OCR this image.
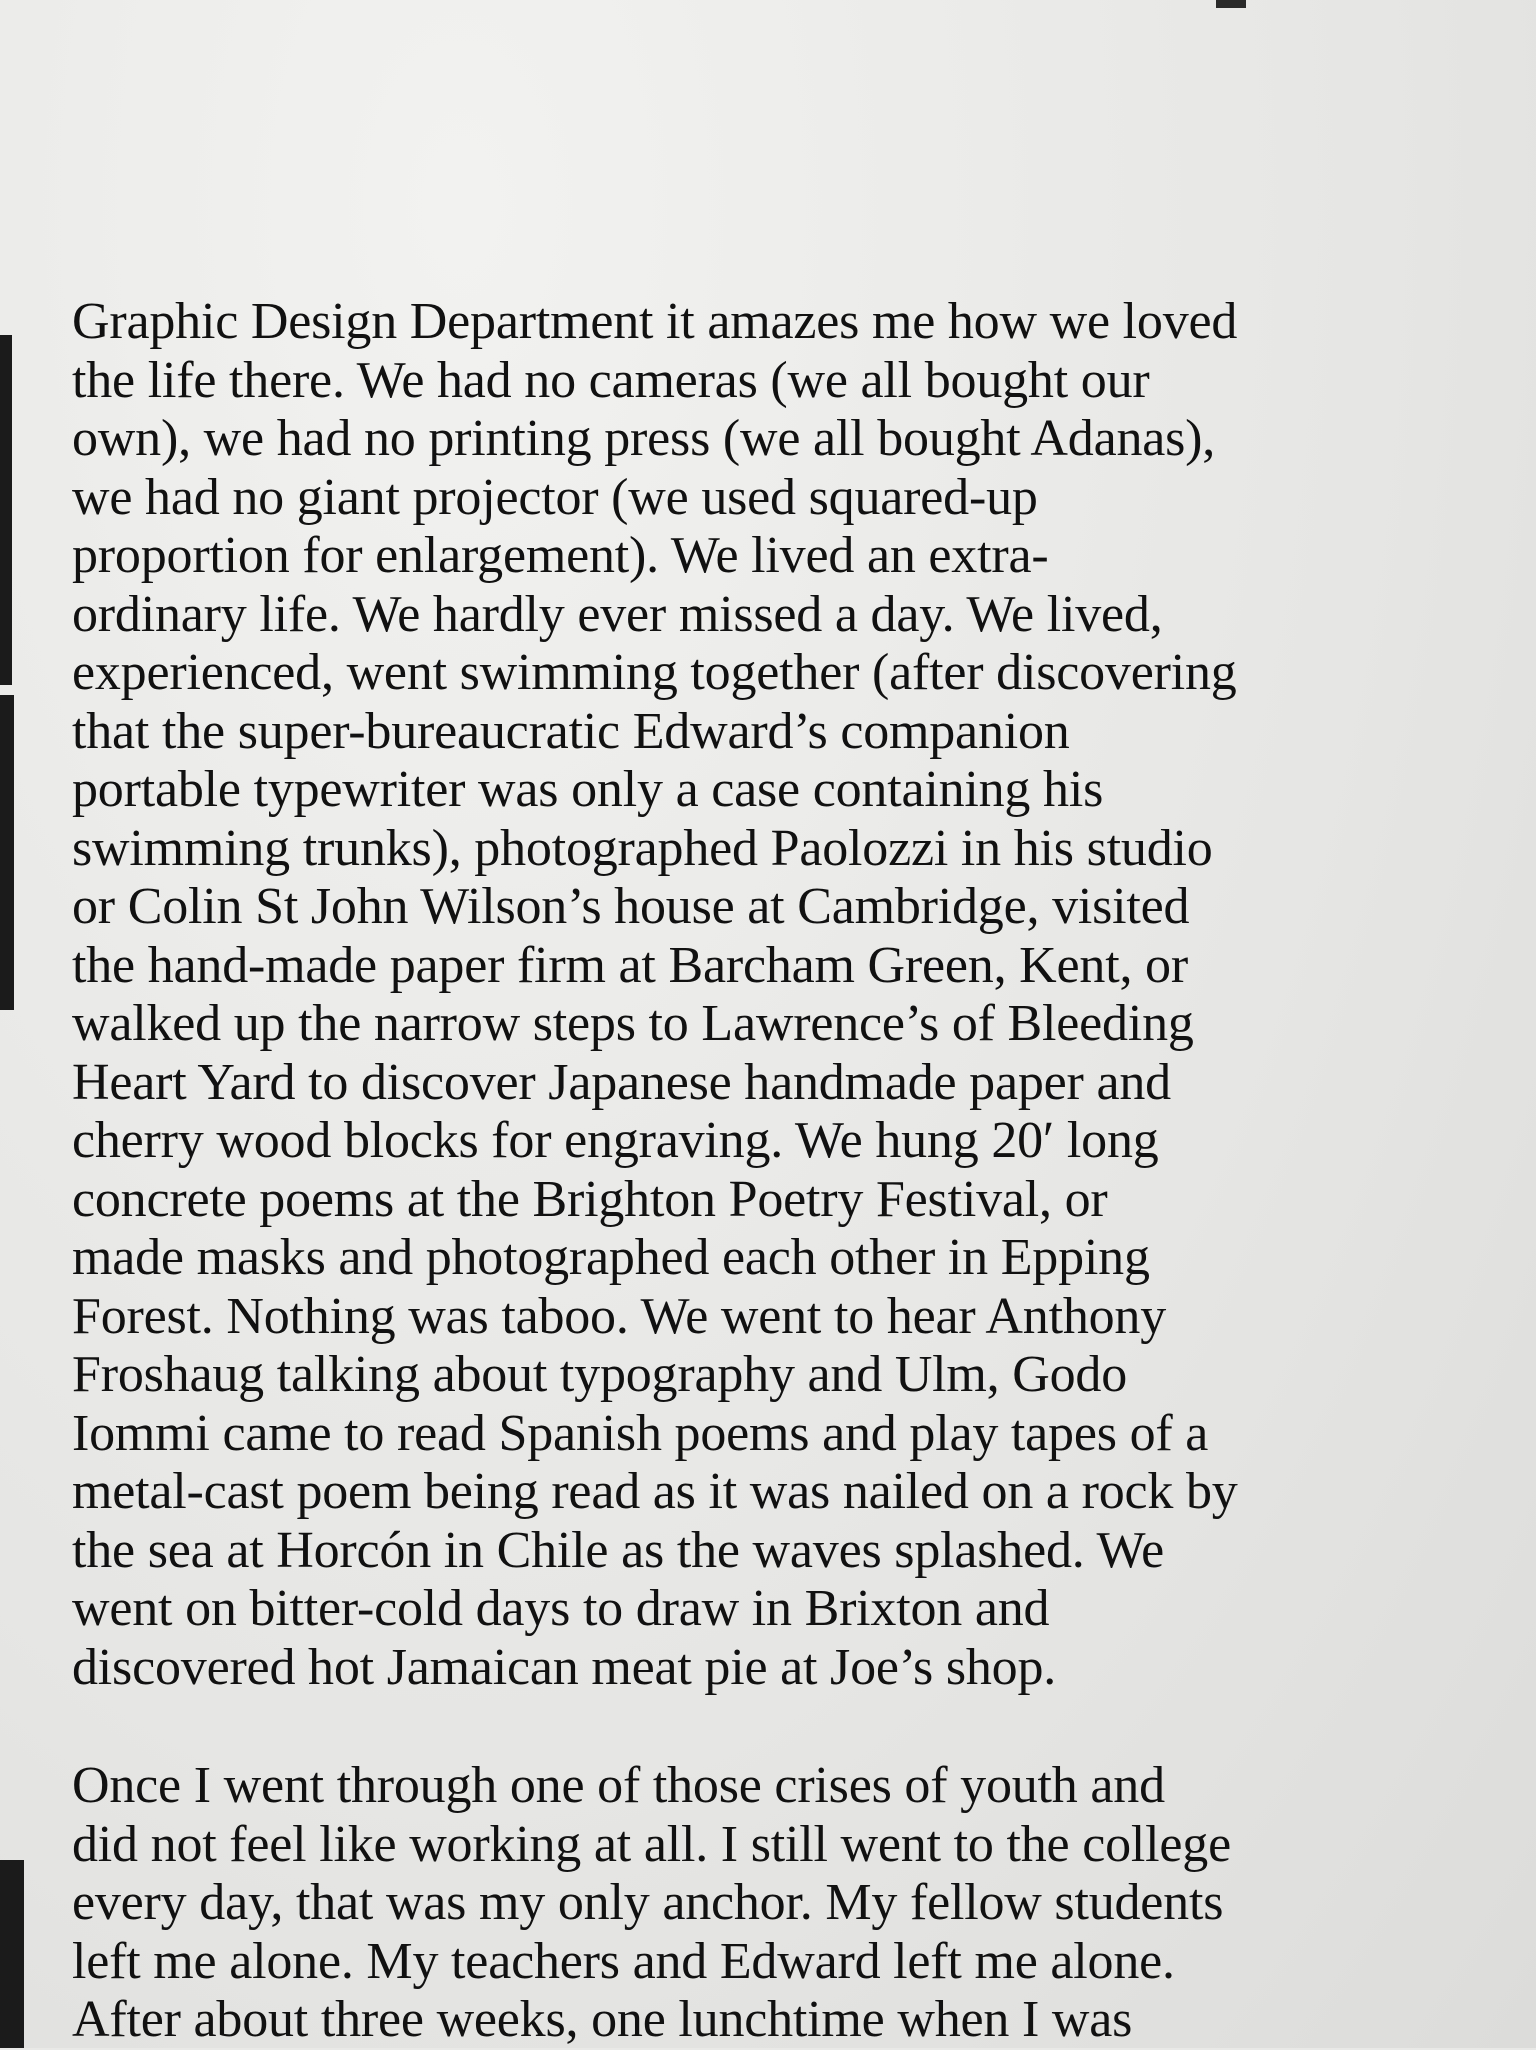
Graphic Design Department it amazes me how we loved
the life there. We had no cameras (we all bought our
own), we had no printing press (we all bought Adanas),
we had no giant projector (we used squared-up
proportion for enlargement). We lived an extra-
ordinary life. We hardly ever missed a day. We lived,
experienced, went swimming together (after discovering
that the super-bureaucratic Edward’s companion
portable typewriter was only a case containing his
swimming trunks), photographed Paolozzi in his studio
or Colin St John Wilson’s house at Cambridge, visited
the hand-made paper firm at Barcham Green, Kent, or
walked up the narrow steps to Lawrence’s of Bleeding
Heart Yard to discover Japanese handmade paper and
cherry wood blocks for engraving. We hung 20′ long
concrete poems at the Brighton Poetry Festival, or
made masks and photographed each other in Epping
Forest. Nothing was taboo. We went to hear Anthony
Froshaug talking about typography and Ulm, Godo
Iommi came to read Spanish poems and play tapes of a
metal-cast poem being read as it was nailed on a rock by
the sea at Horcón in Chile as the waves splashed. We
went on bitter-cold days to draw in Brixton and
discovered hot Jamaican meat pie at Joe’s shop.
Once I went through one of those crises of youth and
did not feel like working at all. I still went to the college
every day, that was my only anchor. My fellow students
left me alone. My teachers and Edward left me alone.
After about three weeks, one lunchtime when I was
